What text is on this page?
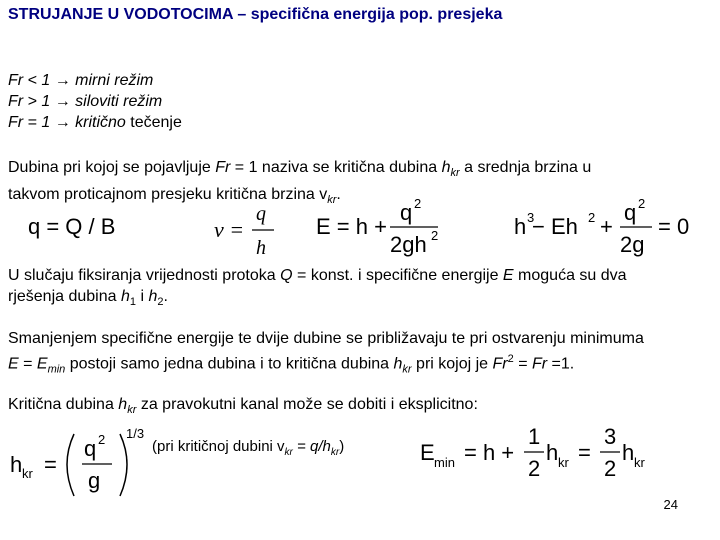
STRUJANJE U VODOTOCIMA – specifična energija pop. presjeka
Fr < 1 → mirni režim
Fr > 1 → siloviti režim
Fr = 1 → kritično tečenje
Dubina pri kojoj se pojavljuje Fr = 1 naziva se kritična dubina $h_{kr}$ a srednja brzina u
takvom proticajnom presjeku kritična brzina $v_{kr}$.
q = Q / B	v =
q
h
E = h +
q 2
2gh 2	h 3
− Eh 2 +
q 2
2g
= 0
U slučaju fiksiranja vrijednosti protoka Q = konst. i specifične energije E moguća su dva
rješenja dubina $h_1$ i $h_2$.
Smanjenjem specifične energije te dvije dubine se približavaju te pri ostvarenju minimuma
$E = E_{min}$ postoji samo jedna dubina i to kritična dubina $h_{kr}$ pri kojoj je $Fr^2 = Fr =1$.
Kritična dubina $h_{kr}$ za pravokutni kanal može se dobiti i eksplicitno:
h kr =
q 2
g
1/3
(pri kritičnoj dubini $v_{kr} = q/h_{kr}$)	E min = h +
1
2
h kr =
3
2
h kr
24
